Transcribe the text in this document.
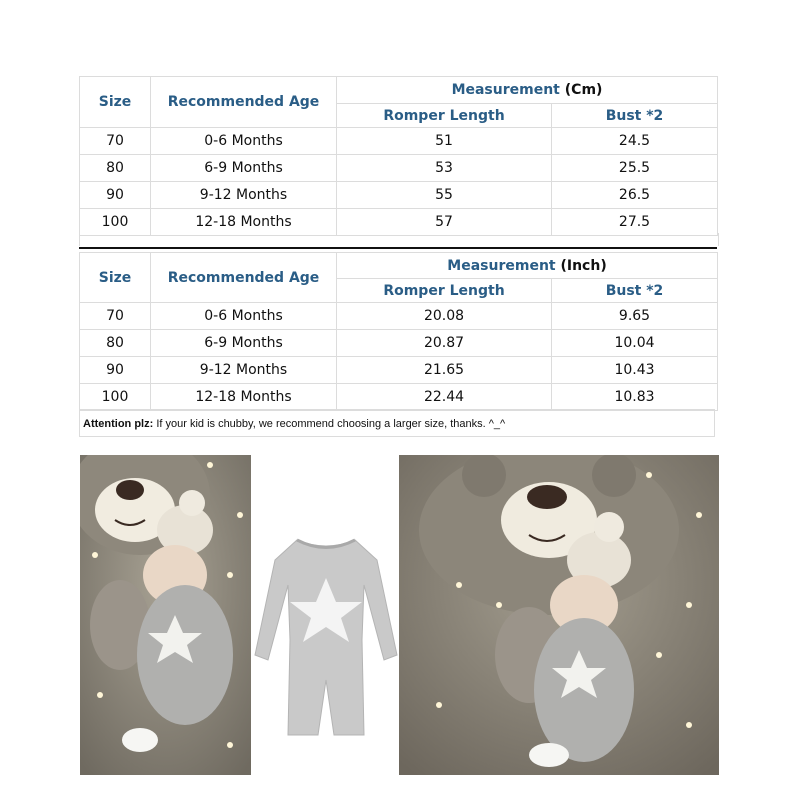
Size	Recommended Age	Measurement (Cm)	
		Romper Length	Bust *2
70	0-6 Months	51	24.5
80	6-9 Months	53	25.5
90	9-12 Months	55	26.5
100	12-18 Months	57	27.5
Size	Recommended Age	Measurement (Inch)	
		Romper Length	Bust *2
70	0-6 Months	20.08	9.65
80	6-9 Months	20.87	10.04
90	9-12 Months	21.65	10.43
100	12-18 Months	22.44	10.83
Attention plz: If your kid is chubby, we recommend choosing a larger size, thanks. ^_^
